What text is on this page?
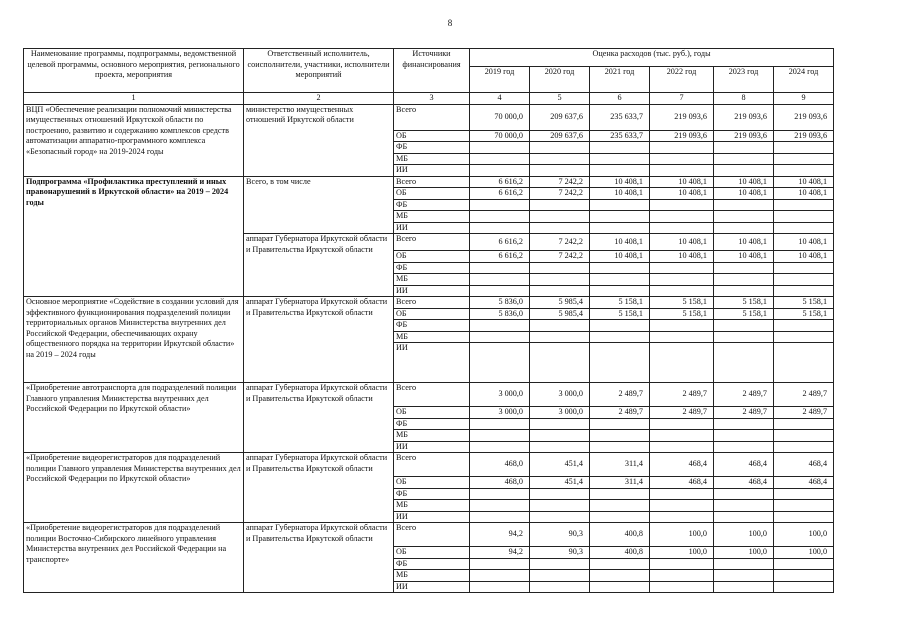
8
Наименование программы, подпрограммы, ведомственной целевой программы, основного мероприятия, регионального проекта, мероприятия	Ответственный исполнитель, соисполнители, участники, исполнители мероприятий	Источники финансирования	Оценка расходов (тыс. руб.), годы					
			2019 год	2020 год	2021 год	2022 год	2023 год	2024 год
1	2	3	4	5	6	7	8	9
ВЦП «Обеспечение реализации полномочий министерства имущественных отношений Иркутской области по построению, развитию и содержанию комплексов средств автоматизации аппаратно-программного комплекса «Безопасный город» на 2019-2024 годы	министерство имущественных отношений Иркутской области	Всего	70 000,0	209 637,6	235 633,7	219 093,6	219 093,6	219 093,6
		ОБ	70 000,0	209 637,6	235 633,7	219 093,6	219 093,6	219 093,6
		ФБ						
		МБ						
		ИИ						
Подпрограмма «Профилактика преступлений и иных правонарушений в Иркутской области» на 2019 – 2024 годы	Всего, в том числе	Всего	6 616,2	7 242,2	10 408,1	10 408,1	10 408,1	10 408,1
		ОБ	6 616,2	7 242,2	10 408,1	10 408,1	10 408,1	10 408,1
		ФБ						
		МБ						
		ИИ						
	аппарат Губернатора Иркутской области и Правительства Иркутской области	Всего	6 616,2	7 242,2	10 408,1	10 408,1	10 408,1	10 408,1
		ОБ	6 616,2	7 242,2	10 408,1	10 408,1	10 408,1	10 408,1
		ФБ						
		МБ						
		ИИ						
Основное мероприятие «Содействие в создании условий для эффективного функционирования подразделений полиции территориальных органов Министерства внутренних дел Российской Федерации, обеспечивающих охрану общественного порядка на территории Иркутской области» на 2019 – 2024 годы	аппарат Губернатора Иркутской области и Правительства Иркутской области	Всего	5 836,0	5 985,4	5 158,1	5 158,1	5 158,1	5 158,1
		ОБ	5 836,0	5 985,4	5 158,1	5 158,1	5 158,1	5 158,1
		ФБ						
		МБ						
		ИИ						
«Приобретение автотранспорта для подразделений полиции Главного управления Министерства внутренних дел Российской Федерации по Иркутской области»	аппарат Губернатора Иркутской области и Правительства Иркутской области	Всего	3 000,0	3 000,0	2 489,7	2 489,7	2 489,7	2 489,7
		ОБ	3 000,0	3 000,0	2 489,7	2 489,7	2 489,7	2 489,7
		ФБ						
		МБ						
		ИИ						
«Приобретение видеорегистраторов для подразделений полиции Главного управления Министерства внутренних дел Российской Федерации по Иркутской области»	аппарат Губернатора Иркутской области и Правительства Иркутской области	Всего	468,0	451,4	311,4	468,4	468,4	468,4
		ОБ	468,0	451,4	311,4	468,4	468,4	468,4
		ФБ						
		МБ						
		ИИ						
«Приобретение видеорегистраторов для подразделений полиции Восточно-Сибирского линейного управления Министерства внутренних дел Российской Федерации на транспорте»	аппарат Губернатора Иркутской области и Правительства Иркутской области	Всего	94,2	90,3	400,8	100,0	100,0	100,0
		ОБ	94,2	90,3	400,8	100,0	100,0	100,0
		ФБ						
		МБ						
		ИИ						
